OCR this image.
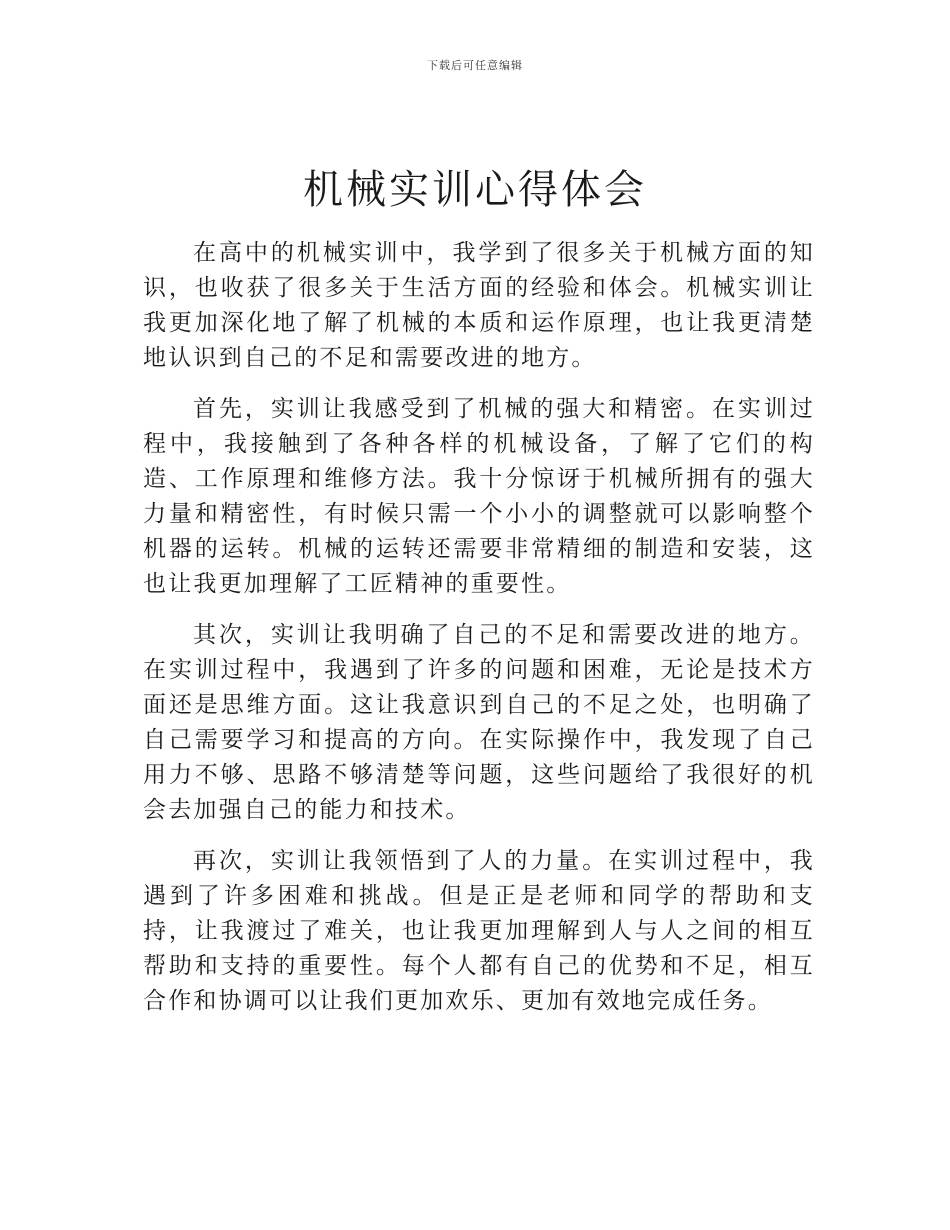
下载后可任意编辑
机械实训心得体会

在高中的机械实训中，我学到了很多关于机械方面的知识，也收获了很多关于生活方面的经验和体会。机械实训让我更加深化地了解了机械的本质和运作原理，也让我更清楚地认识到自己的不足和需要改进的地方。

首先，实训让我感受到了机械的强大和精密。在实训过程中，我接触到了各种各样的机械设备，了解了它们的构造、工作原理和维修方法。我十分惊讶于机械所拥有的强大力量和精密性，有时候只需一个小小的调整就可以影响整个机器的运转。机械的运转还需要非常精细的制造和安装，这也让我更加理解了工匠精神的重要性。

其次，实训让我明确了自己的不足和需要改进的地方。在实训过程中，我遇到了许多的问题和困难，无论是技术方面还是思维方面。这让我意识到自己的不足之处，也明确了自己需要学习和提高的方向。在实际操作中，我发现了自己用力不够、思路不够清楚等问题，这些问题给了我很好的机会去加强自己的能力和技术。

再次，实训让我领悟到了人的力量。在实训过程中，我遇到了许多困难和挑战。但是正是老师和同学的帮助和支持，让我渡过了难关，也让我更加理解到人与人之间的相互帮助和支持的重要性。每个人都有自己的优势和不足，相互合作和协调可以让我们更加欢乐、更加有效地完成任务。
